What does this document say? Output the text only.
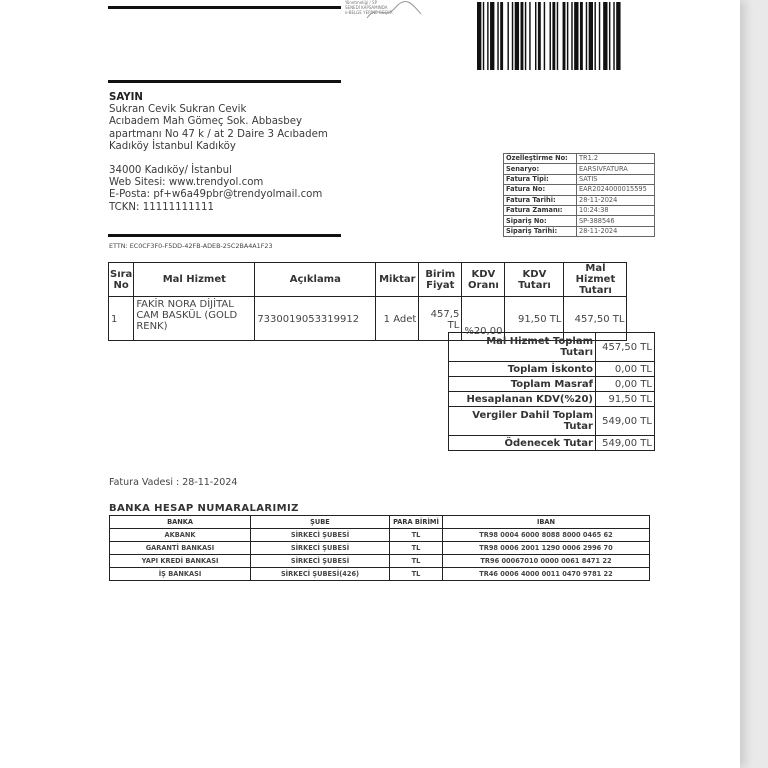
Yönetmeliği / SP
SENEDİ KAPSAMINDA
e-BELGE YERİNE GEÇER
SAYIN
Sukran Cevik Sukran Cevik
Acıbadem Mah Gömeç Sok. Abbasbey
apartmanı No 47 k / at 2 Daire 3 Acıbadem
Kadıköy İstanbul Kadıköy
34000 Kadıköy/ İstanbul
Web Sitesi: www.trendyol.com
E-Posta: pf+w6a49pbr@trendyolmail.com
TCKN: 11111111111
ETTN: EC0CF3F0-F5DD-42FB-ADEB-25C2BA4A1F23
Özelleştirme No:	TR1.2
Senaryo:	EARSIVFATURA
Fatura Tipi:	SATIS
Fatura No:	EAR2024000015595
Fatura Tarihi:	28-11-2024
Fatura Zamanı:	10:24:38
Sipariş No:	SP-388546
Sipariş Tarihi:	28-11-2024
Sıra No	Mal Hizmet	Açıklama	Miktar	Birim Fiyat	KDV Oranı	KDV Tutarı	Mal Hizmet Tutarı
1	FAKİR NORA DİJİTAL CAM BASKÜL (GOLD RENK)	7330019053319912	1 Adet	457,5 TL	%20,00	91,50 TL	457,50 TL
Mal Hizmet Toplam Tutarı	457,50 TL
Toplam İskonto	0,00 TL
Toplam Masraf	0,00 TL
Hesaplanan KDV(%20)	91,50 TL
Vergiler Dahil Toplam Tutar	549,00 TL
Ödenecek Tutar	549,00 TL
Fatura Vadesi : 28-11-2024
BANKA HESAP NUMARALARIMIZ
BANKA	ŞUBE	PARA BİRİMİ	IBAN
AKBANK	SİRKECİ ŞUBESİ	TL	TR98 0004 6000 8088 8000 0465 62
GARANTİ BANKASI	SİRKECİ ŞUBESİ	TL	TR98 0006 2001 1290 0006 2996 70
YAPI KREDİ BANKASI	SİRKECİ ŞUBESİ	TL	TR96 00067010 0000 0061 8471 22
İŞ BANKASI	SİRKECİ ŞUBESİ(426)	TL	TR46 0006 4000 0011 0470 9781 22
